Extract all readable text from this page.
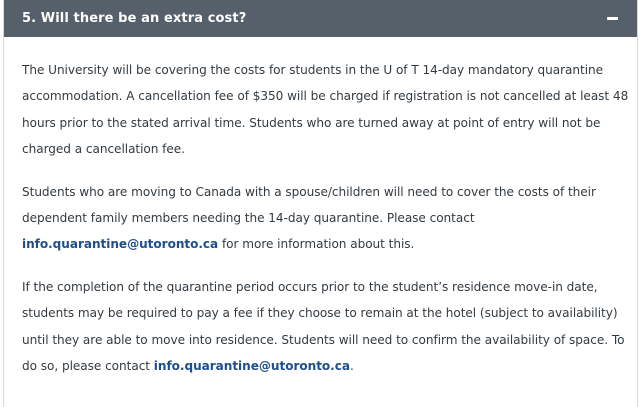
5. Will there be an extra cost?

The University will be covering the costs for students in the U of T 14-day mandatory quarantine accommodation. A cancellation fee of $350 will be charged if registration is not cancelled at least 48 hours prior to the stated arrival time. Students who are turned away at point of entry will not be charged a cancellation fee.

Students who are moving to Canada with a spouse/children will need to cover the costs of their dependent family members needing the 14-day quarantine. Please contact
info.quarantine@utoronto.ca for more information about this.

If the completion of the quarantine period occurs prior to the student’s residence move-in date, students may be required to pay a fee if they choose to remain at the hotel (subject to availability) until they are able to move into residence. Students will need to confirm the availability of space. To do so, please contact info.quarantine@utoronto.ca.
